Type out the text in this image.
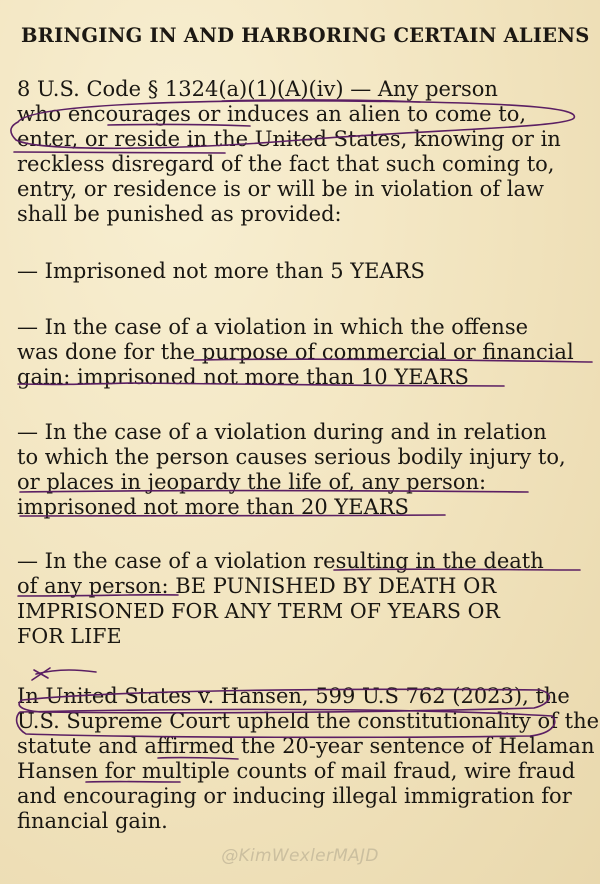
BRINGING IN AND HARBORING CERTAIN ALIENS
8 U.S. Code § 1324(a)(1)(A)(iv) — Any person
who encourages or induces an alien to come to,
enter, or reside in the United States, knowing or in
reckless disregard of the fact that such coming to,
entry, or residence is or will be in violation of law
shall be punished as provided:
— Imprisoned not more than 5 YEARS
— In the case of a violation in which the offense
was done for the purpose of commercial or financial
gain: imprisoned not more than 10 YEARS
— In the case of a violation during and in relation
to which the person causes serious bodily injury to,
or places in jeopardy the life of, any person:
imprisoned not more than 20 YEARS
— In the case of a violation resulting in the death
of any person: BE PUNISHED BY DEATH OR
IMPRISONED FOR ANY TERM OF YEARS OR
FOR LIFE
In United States v. Hansen, 599 U.S 762 (2023), the
U.S. Supreme Court upheld the constitutionality of the
statute and affirmed the 20-year sentence of Helaman
Hansen for multiple counts of mail fraud, wire fraud
and encouraging or inducing illegal immigration for
financial gain.
@KimWexlerMAJD
